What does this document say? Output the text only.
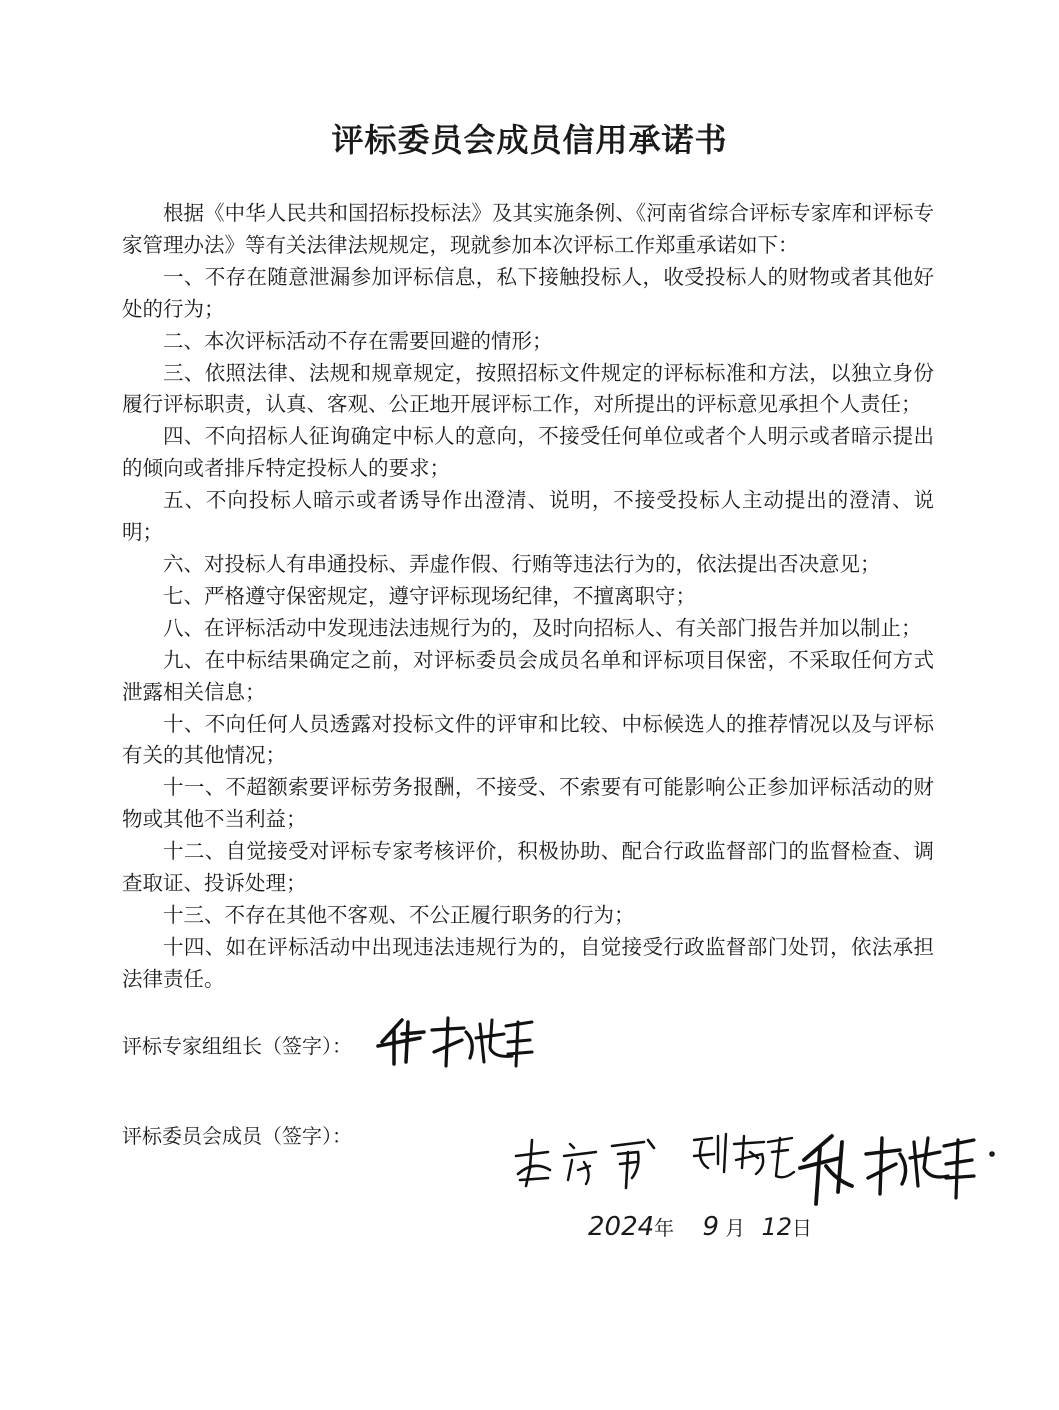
评标委员会成员信用承诺书

根据《中华人民共和国招标投标法》及其实施条例、《河南省综合评标专家库和评标专家管理办法》等有关法律法规规定，现就参加本次评标工作郑重承诺如下：

一、不存在随意泄漏参加评标信息，私下接触投标人，收受投标人的财物或者其他好处的行为；

二、本次评标活动不存在需要回避的情形；

三、依照法律、法规和规章规定，按照招标文件规定的评标标准和方法，以独立身份履行评标职责，认真、客观、公正地开展评标工作，对所提出的评标意见承担个人责任；

四、不向招标人征询确定中标人的意向，不接受任何单位或者个人明示或者暗示提出的倾向或者排斥特定投标人的要求；

五、不向投标人暗示或者诱导作出澄清、说明，不接受投标人主动提出的澄清、说明；

六、对投标人有串通投标、弄虚作假、行贿等违法行为的，依法提出否决意见；

七、严格遵守保密规定，遵守评标现场纪律，不擅离职守；

八、在评标活动中发现违法违规行为的，及时向招标人、有关部门报告并加以制止；

九、在中标结果确定之前，对评标委员会成员名单和评标项目保密，不采取任何方式泄露相关信息；

十、不向任何人员透露对投标文件的评审和比较、中标候选人的推荐情况以及与评标有关的其他情况；

十一、不超额索要评标劳务报酬，不接受、不索要有可能影响公正参加评标活动的财物或其他不当利益；

十二、自觉接受对评标专家考核评价，积极协助、配合行政监督部门的监督检查、调查取证、投诉处理；

十三、不存在其他不客观、不公正履行职务的行为；

十四、如在评标活动中出现违法违规行为的，自觉接受行政监督部门处罚，依法承担法律责任。

评标专家组组长（签字）：
评标委员会成员（签字）：
2024年 9 月 12日
